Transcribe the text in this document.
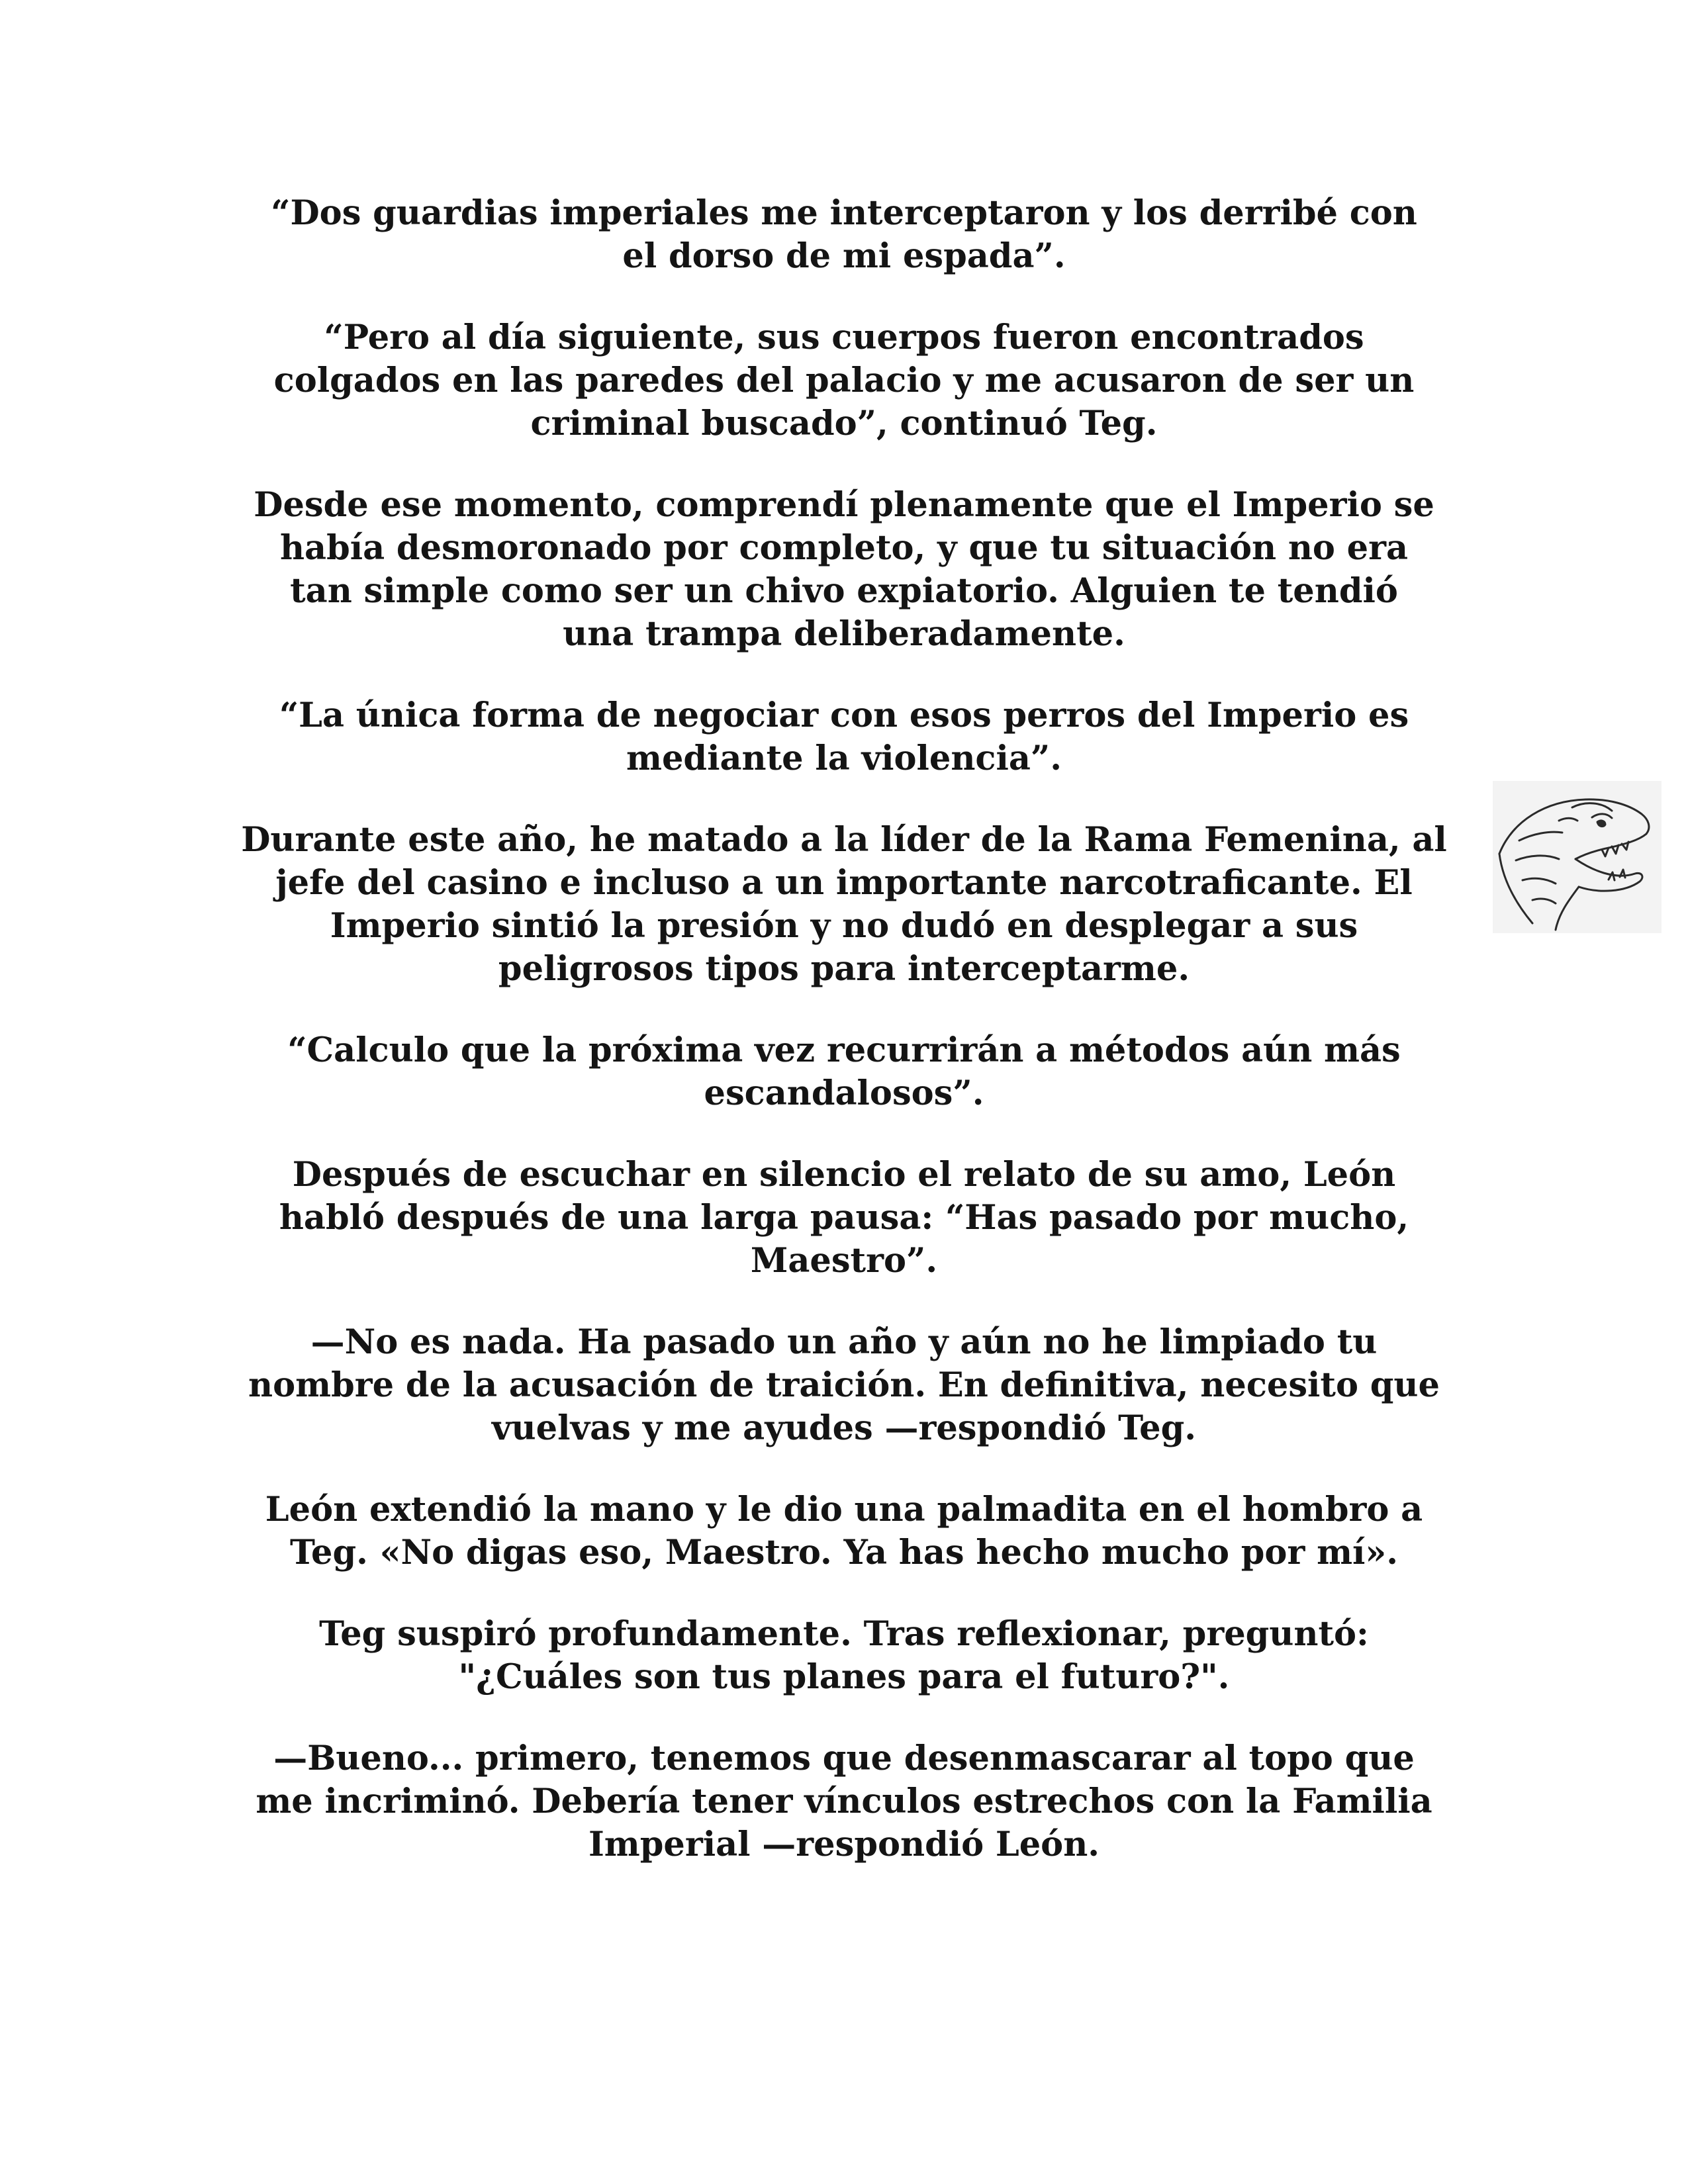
“Dos guardias imperiales me interceptaron y los derribé con
el dorso de mi espada”.

“Pero al día siguiente, sus cuerpos fueron encontrados
colgados en las paredes del palacio y me acusaron de ser un
criminal buscado”, continuó Teg.

Desde ese momento, comprendí plenamente que el Imperio se
había desmoronado por completo, y que tu situación no era
tan simple como ser un chivo expiatorio. Alguien te tendió
una trampa deliberadamente.

“La única forma de negociar con esos perros del Imperio es
mediante la violencia”.

Durante este año, he matado a la líder de la Rama Femenina, al
jefe del casino e incluso a un importante narcotraficante. El
Imperio sintió la presión y no dudó en desplegar a sus
peligrosos tipos para interceptarme.

“Calculo que la próxima vez recurrirán a métodos aún más
escandalosos”.

Después de escuchar en silencio el relato de su amo, León
habló después de una larga pausa: “Has pasado por mucho,
Maestro”.

—No es nada. Ha pasado un año y aún no he limpiado tu
nombre de la acusación de traición. En definitiva, necesito que
vuelvas y me ayudes —respondió Teg.

León extendió la mano y le dio una palmadita en el hombro a
Teg. «No digas eso, Maestro. Ya has hecho mucho por mí».

Teg suspiró profundamente. Tras reflexionar, preguntó:
"¿Cuáles son tus planes para el futuro?".

—Bueno... primero, tenemos que desenmascarar al topo que
me incriminó. Debería tener vínculos estrechos con la Familia
Imperial —respondió León.
